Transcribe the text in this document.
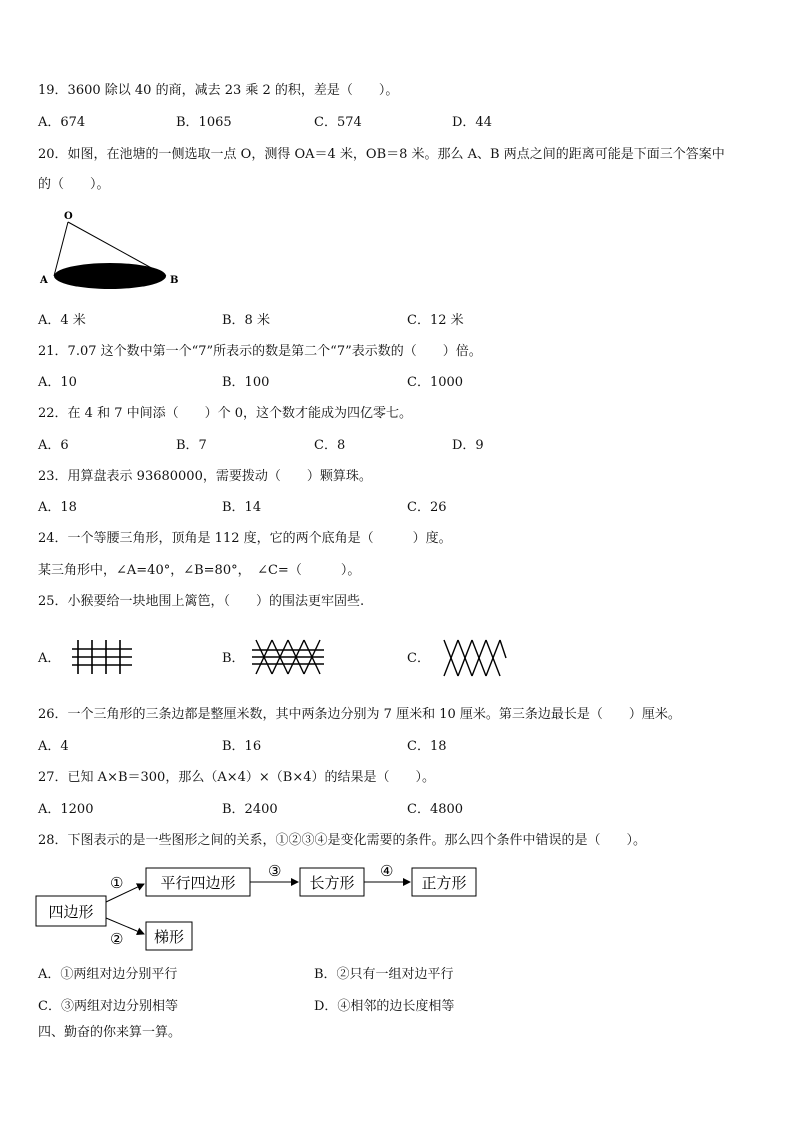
19．3600 除以 40 的商，减去 23 乘 2 的积，差是（　　）。
A．674	B．1065	C．574	D．44
20．如图，在池塘的一侧选取一点 O，测得 OA＝4 米，OB＝8 米。那么 A、B 两点之间的距离可能是下面三个答案中
的（　　）。
O
A	B
A．4 米	B．8 米	C．12 米
21．7.07 这个数中第一个“7”所表示的数是第二个“7”表示数的（　　）倍。
A．10	B．100	C．1000
22．在 4 和 7 中间添（　　）个 0，这个数才能成为四亿零七。
A．6	B．7	C．8	D．9
23．用算盘表示 93680000，需要拨动（　　）颗算珠。
A．18	B．14	C．26
24．一个等腰三角形，顶角是 112 度，它的两个底角是（　　　）度。
某三角形中，∠A=40°，∠B=80°，　∠C=（　　　）。
25．小猴要给一块地围上篱笆，（　　）的围法更牢固些.
A．	B．	C．
26．一个三角形的三条边都是整厘米数，其中两条边分别为 7 厘米和 10 厘米。第三条边最长是（　　）厘米。
A．4	B．16	C．18
27．已知 A×B＝300，那么（A×4）×（B×4）的结果是（　　）。
A．1200	B．2400	C．4800
28．下图表示的是一些图形之间的关系，①②③④是变化需要的条件。那么四个条件中错误的是（　　）。
四边形
平行四边形	长方形	正方形
梯形
①
②
③	④
A．①两组对边分别平行	B．②只有一组对边平行
C．③两组对边分别相等	D．④相邻的边长度相等
四、勤奋的你来算一算。
